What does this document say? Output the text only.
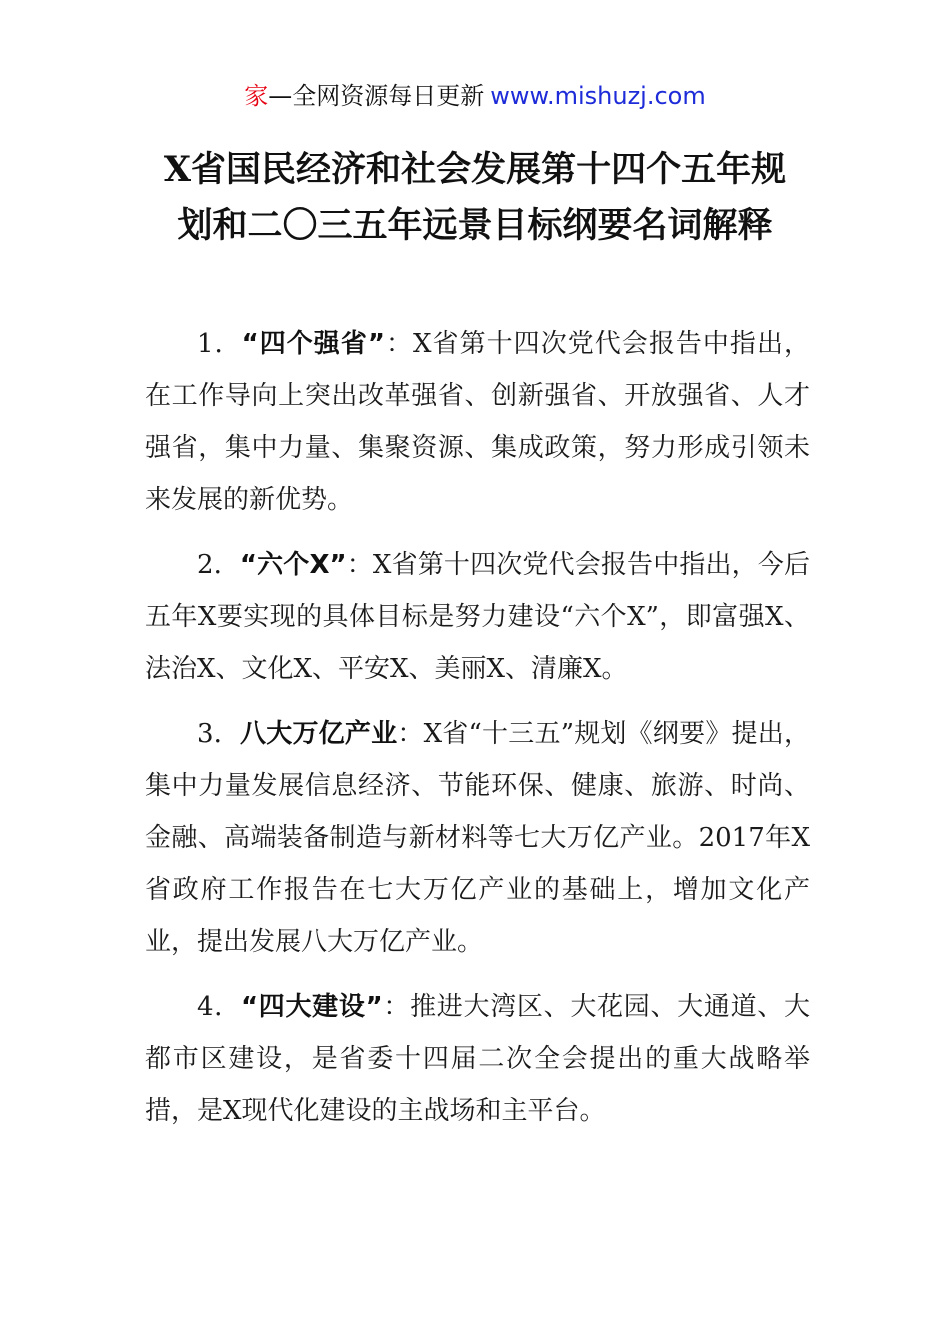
家—全网资源每日更新 www.mishuzj.com
X省国民经济和社会发展第十四个五年规
划和二〇三五年远景目标纲要名词解释

1．“四个强省”：X省第十四次党代会报告中指出，在工作导向上突出改革强省、创新强省、开放强省、人才强省，集中力量、集聚资源、集成政策，努力形成引领未来发展的新优势。

2．“六个X”：X省第十四次党代会报告中指出，今后五年X要实现的具体目标是努力建设“六个X”，即富强X、法治X、文化X、平安X、美丽X、清廉X。

3．八大万亿产业：X省“十三五”规划《纲要》提出，集中力量发展信息经济、节能环保、健康、旅游、时尚、金融、高端装备制造与新材料等七大万亿产业。2017年X省政府工作报告在七大万亿产业的基础上，增加文化产业，提出发展八大万亿产业。

4．“四大建设”：推进大湾区、大花园、大通道、大都市区建设，是省委十四届二次全会提出的重大战略举措，是X现代化建设的主战场和主平台。
